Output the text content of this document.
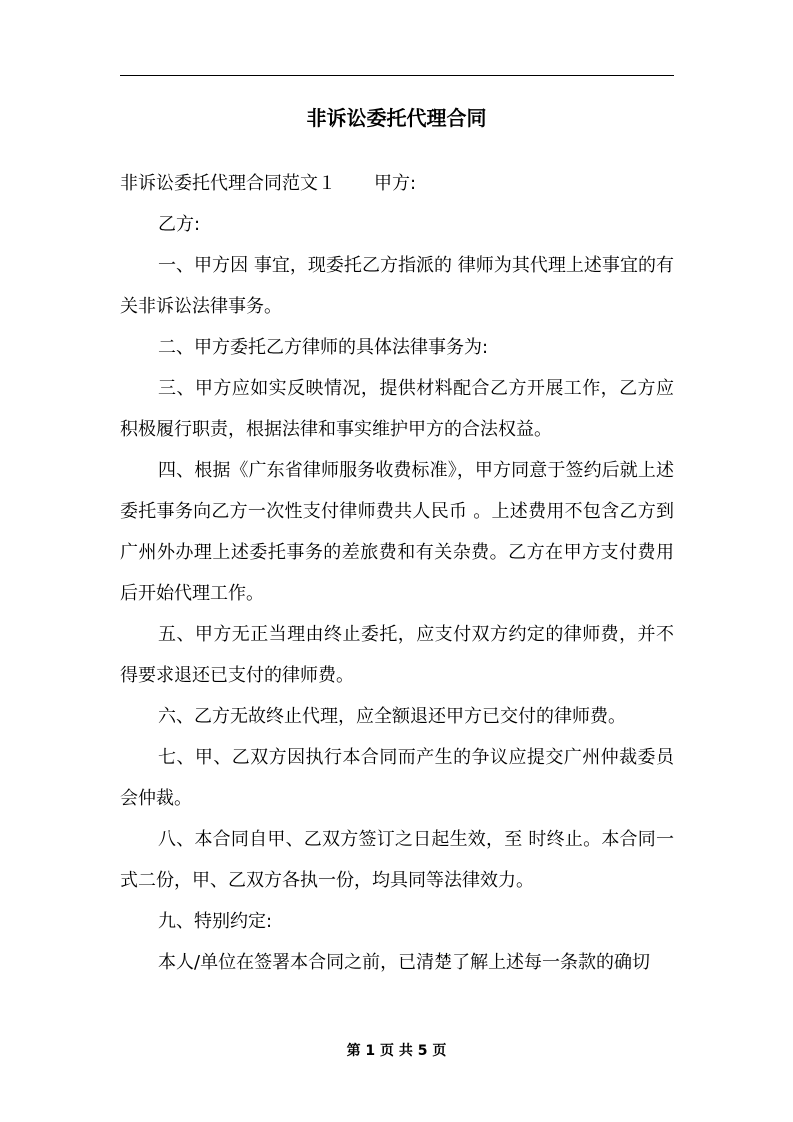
非诉讼委托代理合同

非诉讼委托代理合同范文１ 甲方:

乙方:

一、甲方因 事宜，现委托乙方指派的 律师为其代理上述事宜的有关非诉讼法律事务。

二、甲方委托乙方律师的具体法律事务为:

三、甲方应如实反映情况，提供材料配合乙方开展工作，乙方应积极履行职责，根据法律和事实维护甲方的合法权益。

四、根据《广东省律师服务收费标准》，甲方同意于签约后就上述委托事务向乙方一次性支付律师费共人民币 。上述费用不包含乙方到广州外办理上述委托事务的差旅费和有关杂费。乙方在甲方支付费用后开始代理工作。

五、甲方无正当理由终止委托，应支付双方约定的律师费，并不得要求退还已支付的律师费。

六、乙方无故终止代理，应全额退还甲方已交付的律师费。

七、甲、乙双方因执行本合同而产生的争议应提交广州仲裁委员会仲裁。

八、本合同自甲、乙双方签订之日起生效，至 时终止。本合同一式二份，甲、乙双方各执一份，均具同等法律效力。

九、特别约定:

本人/单位在签署本合同之前，已清楚了解上述每一条款的确切

第 1 页 共 5 页
